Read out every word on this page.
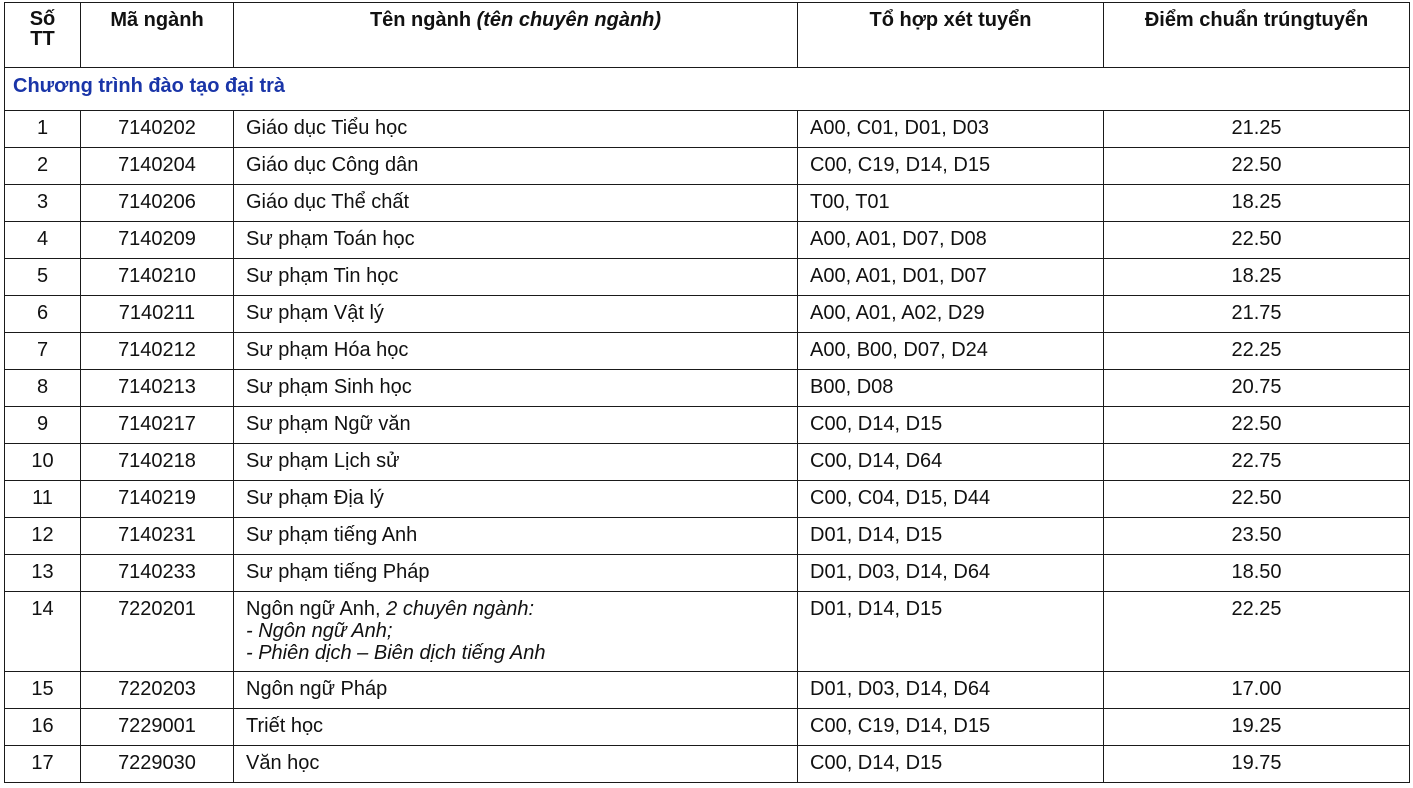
Số
TT	Mã ngành	Tên ngành (tên chuyên ngành)	Tổ hợp xét tuyển	Điểm chuẩn trúngtuyển
Chương trình đào tạo đại trà				
1	7140202	Giáo dục Tiểu học	A00, C01, D01, D03	21.25
2	7140204	Giáo dục Công dân	C00, C19, D14, D15	22.50
3	7140206	Giáo dục Thể chất	T00, T01	18.25
4	7140209	Sư phạm Toán học	A00, A01, D07, D08	22.50
5	7140210	Sư phạm Tin học	A00, A01, D01, D07	18.25
6	7140211	Sư phạm Vật lý	A00, A01, A02, D29	21.75
7	7140212	Sư phạm Hóa học	A00, B00, D07, D24	22.25
8	7140213	Sư phạm Sinh học	B00, D08	20.75
9	7140217	Sư phạm Ngữ văn	C00, D14, D15	22.50
10	7140218	Sư phạm Lịch sử	C00, D14, D64	22.75
11	7140219	Sư phạm Địa lý	C00, C04, D15, D44	22.50
12	7140231	Sư phạm tiếng Anh	D01, D14, D15	23.50
13	7140233	Sư phạm tiếng Pháp	D01, D03, D14, D64	18.50
14	7220201	Ngôn ngữ Anh, 2 chuyên ngành:
- Ngôn ngữ Anh;
- Phiên dịch – Biên dịch tiếng Anh	D01, D14, D15	22.25
15	7220203	Ngôn ngữ Pháp	D01, D03, D14, D64	17.00
16	7229001	Triết học	C00, C19, D14, D15	19.25
17	7229030	Văn học	C00, D14, D15	19.75
